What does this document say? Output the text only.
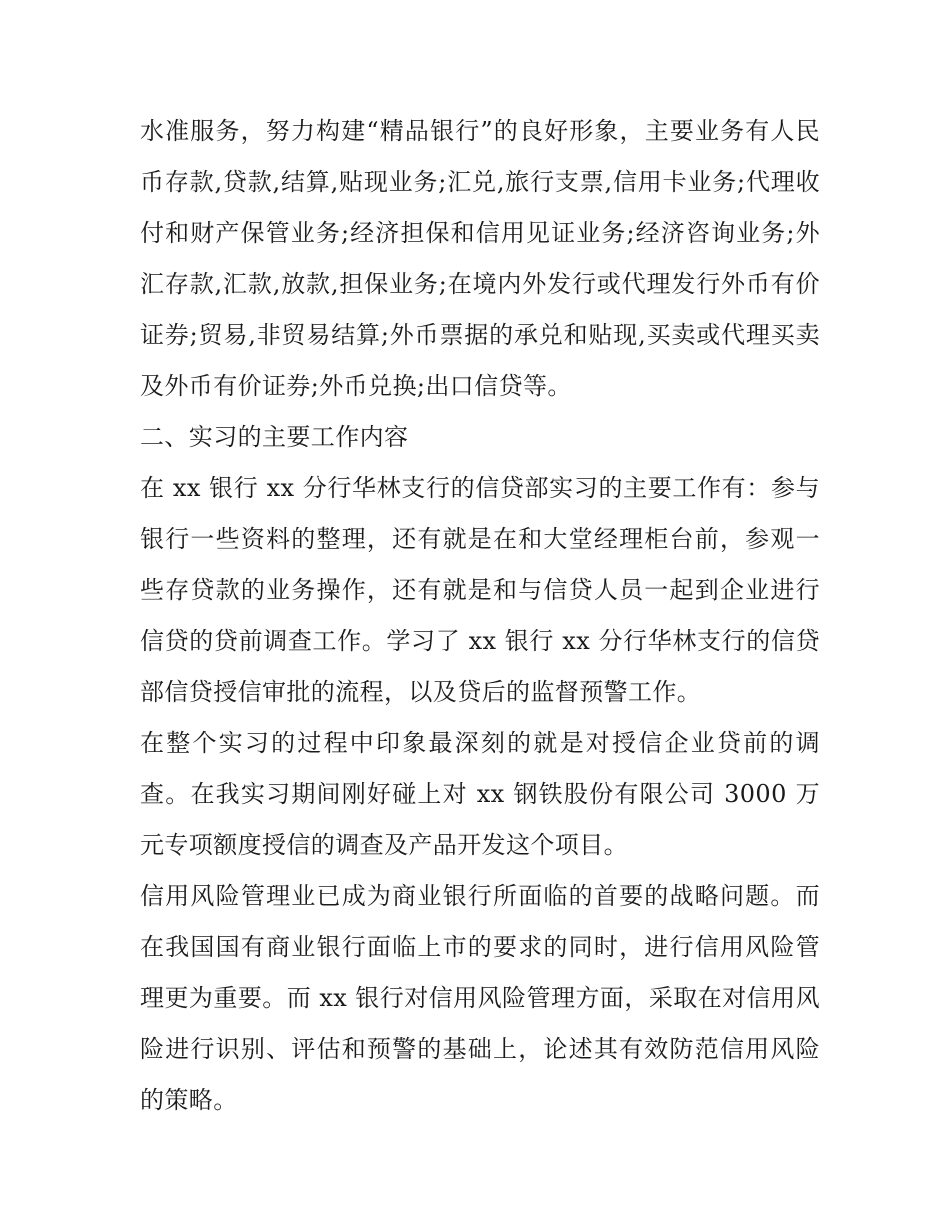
水准服务，努力构建“精品银行”的良好形象，主要业务有人民币存款,贷款,结算,贴现业务;汇兑,旅行支票,信用卡业务;代理收付和财产保管业务;经济担保和信用见证业务;经济咨询业务;外汇存款,汇款,放款,担保业务;在境内外发行或代理发行外币有价证券;贸易,非贸易结算;外币票据的承兑和贴现,买卖或代理买卖及外币有价证券;外币兑换;出口信贷等。

二、实习的主要工作内容

在 xx 银行 xx 分行华林支行的信贷部实习的主要工作有：参与银行一些资料的整理，还有就是在和大堂经理柜台前，参观一些存贷款的业务操作，还有就是和与信贷人员一起到企业进行信贷的贷前调查工作。学习了 xx 银行 xx 分行华林支行的信贷部信贷授信审批的流程，以及贷后的监督预警工作。

在整个实习的过程中印象最深刻的就是对授信企业贷前的调查。在我实习期间刚好碰上对 xx 钢铁股份有限公司 3000 万元专项额度授信的调查及产品开发这个项目。

信用风险管理业已成为商业银行所面临的首要的战略问题。而在我国国有商业银行面临上市的要求的同时，进行信用风险管理更为重要。而 xx 银行对信用风险管理方面，采取在对信用风险进行识别、评估和预警的基础上，论述其有效防范信用风险的策略。
